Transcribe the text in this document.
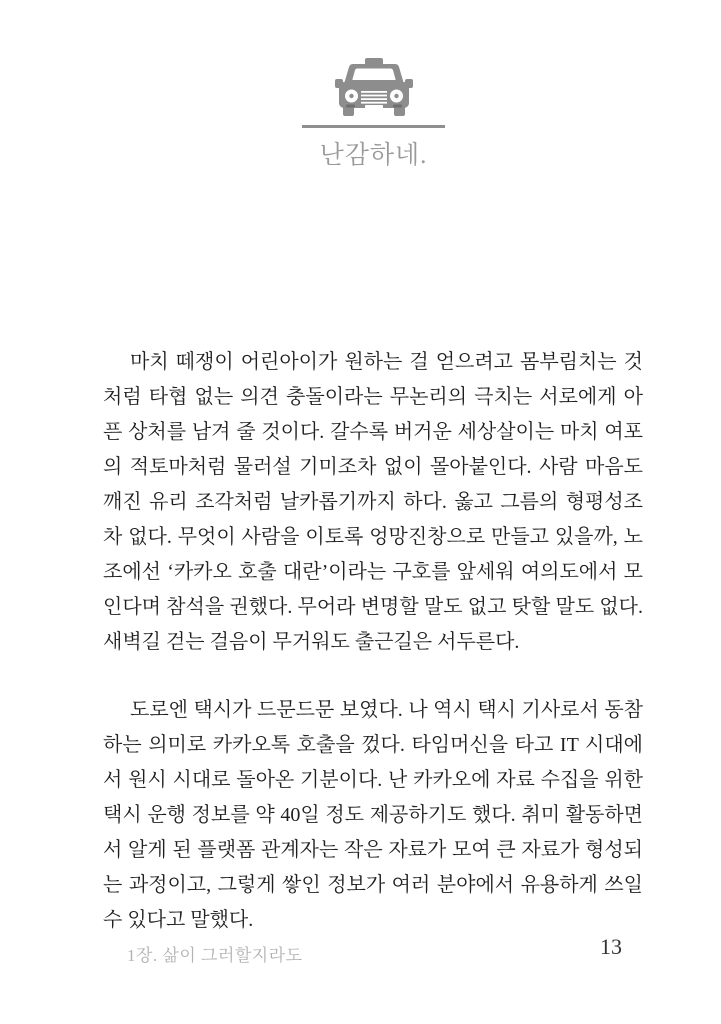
난감하네.

마치 떼쟁이 어린아이가 원하는 걸 얻으려고 몸부림치는 것처럼 타협 없는 의견 충돌이라는 무논리의 극치는 서로에게 아픈 상처를 남겨 줄 것이다. 갈수록 버거운 세상살이는 마치 여포의 적토마처럼 물러설 기미조차 없이 몰아붙인다. 사람 마음도 깨진 유리 조각처럼 날카롭기까지 하다. 옳고 그름의 형평성조차 없다. 무엇이 사람을 이토록 엉망진창으로 만들고 있을까, 노조에선 ‘카카오 호출 대란’이라는 구호를 앞세워 여의도에서 모인다며 참석을 권했다. 무어라 변명할 말도 없고 탓할 말도 없다. 새벽길 걷는 걸음이 무거워도 출근길은 서두른다.

도로엔 택시가 드문드문 보였다. 나 역시 택시 기사로서 동참하는 의미로 카카오톡 호출을 껐다. 타임머신을 타고 IT 시대에서 원시 시대로 돌아온 기분이다. 난 카카오에 자료 수집을 위한 택시 운행 정보를 약 40일 정도 제공하기도 했다. 취미 활동하면서 알게 된 플랫폼 관계자는 작은 자료가 모여 큰 자료가 형성되는 과정이고, 그렇게 쌓인 정보가 여러 분야에서 유용하게 쓰일 수 있다고 말했다.

1장. 삶이 그러할지라도	13
